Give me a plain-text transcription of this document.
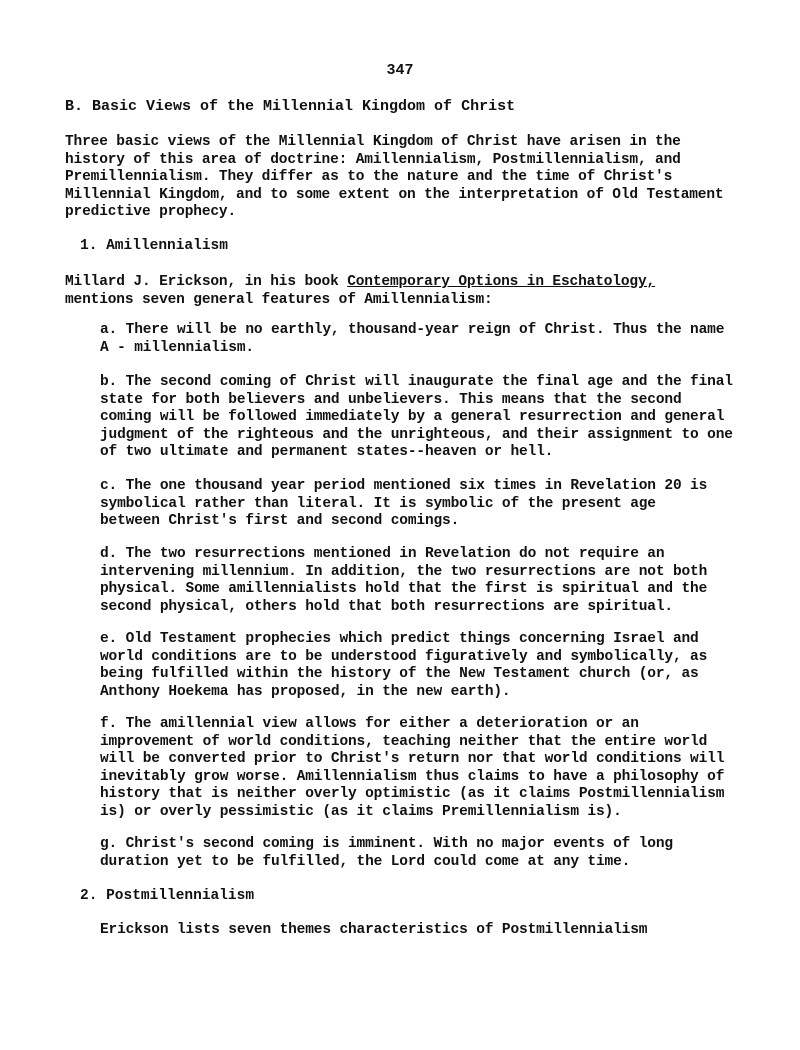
347
B. Basic Views of the Millennial Kingdom of Christ

Three basic views of the Millennial Kingdom of Christ have arisen in the
history of this area of doctrine: Amillennialism, Postmillennialism, and
Premillennialism. They differ as to the nature and the time of Christ's
Millennial Kingdom, and to some extent on the interpretation of Old Testament
predictive prophecy.

1. Amillennialism

Millard J. Erickson, in his book Contemporary Options in Eschatology,
mentions seven general features of Amillennialism:

a. There will be no earthly, thousand-year reign of Christ. Thus the name
A - millennialism.

b. The second coming of Christ will inaugurate the final age and the final
state for both believers and unbelievers. This means that the second
coming will be followed immediately by a general resurrection and general
judgment of the righteous and the unrighteous, and their assignment to one
of two ultimate and permanent states--heaven or hell.

c. The one thousand year period mentioned six times in Revelation 20 is
symbolical rather than literal. It is symbolic of the present age
between Christ's first and second comings.

d. The two resurrections mentioned in Revelation do not require an
intervening millennium. In addition, the two resurrections are not both
physical. Some amillennialists hold that the first is spiritual and the
second physical, others hold that both resurrections are spiritual.

e. Old Testament prophecies which predict things concerning Israel and
world conditions are to be understood figuratively and symbolically, as
being fulfilled within the history of the New Testament church (or, as
Anthony Hoekema has proposed, in the new earth).

f. The amillennial view allows for either a deterioration or an
improvement of world conditions, teaching neither that the entire world
will be converted prior to Christ's return nor that world conditions will
inevitably grow worse. Amillennialism thus claims to have a philosophy of
history that is neither overly optimistic (as it claims Postmillennialism
is) or overly pessimistic (as it claims Premillennialism is).

g. Christ's second coming is imminent. With no major events of long
duration yet to be fulfilled, the Lord could come at any time.

2. Postmillennialism

Erickson lists seven themes characteristics of Postmillennialism
